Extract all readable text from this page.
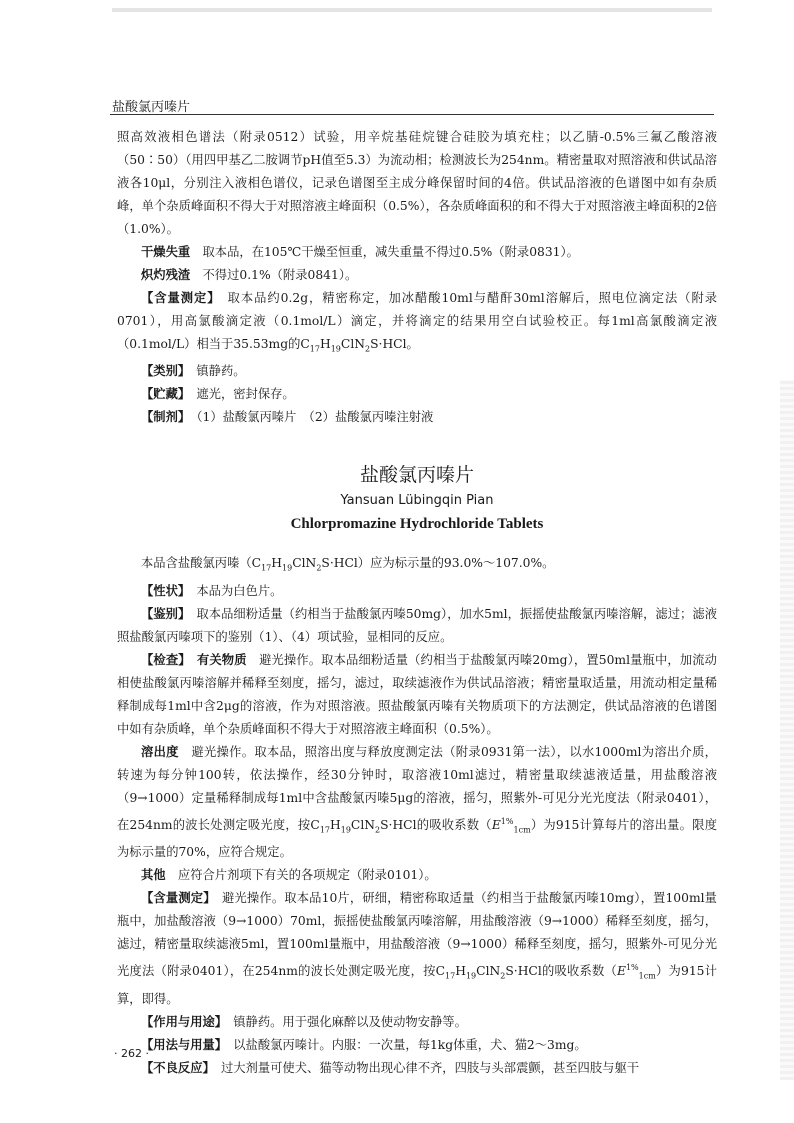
盐酸氯丙嗪片

照高效液相色谱法（附录0512）试验，用辛烷基硅烷键合硅胶为填充柱；以乙腈-0.5%三氟乙酸溶液（50∶50）（用四甲基乙二胺调节pH值至5.3）为流动相；检测波长为254nm。精密量取对照溶液和供试品溶液各10μl，分别注入液相色谱仪，记录色谱图至主成分峰保留时间的4倍。供试品溶液的色谱图中如有杂质峰，单个杂质峰面积不得大于对照溶液主峰面积（0.5%），各杂质峰面积的和不得大于对照溶液主峰面积的2倍（1.0%）。

干燥失重　取本品，在105℃干燥至恒重，减失重量不得过0.5%（附录0831）。

炽灼残渣　不得过0.1%（附录0841）。

【含量测定】　取本品约0.2g，精密称定，加冰醋酸10ml与醋酐30ml溶解后，照电位滴定法（附录0701），用高氯酸滴定液（0.1mol/L）滴定，并将滴定的结果用空白试验校正。每1ml高氯酸滴定液（0.1mol/L）相当于35.53mg的$C_{17}H_{19}ClN_2S\cdot HCl$。

【类别】　镇静药。

【贮藏】　遮光，密封保存。

【制剂】　（1）盐酸氯丙嗪片　（2）盐酸氯丙嗪注射液

盐酸氯丙嗪片

Yansuan Lübingqin Pian

Chlorpromazine Hydrochloride Tablets

本品含盐酸氯丙嗪$(C_{17}H_{19}ClN_2S\cdot HCl)$应为标示量的93.0%～107.0%。

【性状】　本品为白色片。

【鉴别】　取本品细粉适量（约相当于盐酸氯丙嗪50mg），加水5ml，振摇使盐酸氯丙嗪溶解，滤过；滤液照盐酸氯丙嗪项下的鉴别（1）、（4）项试验，显相同的反应。

【检查】　 有关物质　避光操作。取本品细粉适量（约相当于盐酸氯丙嗪20mg），置50ml量瓶中，加流动相使盐酸氯丙嗪溶解并稀释至刻度，摇匀，滤过，取续滤液作为供试品溶液；精密量取适量，用流动相定量稀释制成每1ml中含2μg的溶液，作为对照溶液。照盐酸氯丙嗪有关物质项下的方法测定，供试品溶液的色谱图中如有杂质峰，单个杂质峰面积不得大于对照溶液主峰面积（0.5%）。

溶出度　避光操作。取本品，照溶出度与释放度测定法（附录0931第一法），以水1000ml为溶出介质，转速为每分钟100转，依法操作，经30分钟时，取溶液10ml滤过，精密量取续滤液适量，用盐酸溶液（9→1000）定量稀释制成每1ml中含盐酸氯丙嗪5μg的溶液，摇匀，照紫外-可见分光光度法（附录0401），在254nm的波长处测定吸光度，按$C_{17}H_{19}ClN_2S\cdot HCl$的吸收系数$(E^{1\%}_{1cm})$为915计算每片的溶出量。限度为标示量的70%，应符合规定。

其他　应符合片剂项下有关的各项规定（附录0101）。

【含量测定】　避光操作。取本品10片，研细，精密称取适量（约相当于盐酸氯丙嗪10mg），置100ml量瓶中，加盐酸溶液（9→1000）70ml，振摇使盐酸氯丙嗪溶解，用盐酸溶液（9→1000）稀释至刻度，摇匀，滤过，精密量取续滤液5ml，置100ml量瓶中，用盐酸溶液（9→1000）稀释至刻度，摇匀，照紫外-可见分光光度法（附录0401），在254nm的波长处测定吸光度，按$C_{17}H_{19}ClN_2S\cdot HCl$的吸收系数$(E^{1\%}_{1cm})$为915计算，即得。

【作用与用途】　镇静药。用于强化麻醉以及使动物安静等。

【用法与用量】　以盐酸氯丙嗪计。内服：一次量，每1kg体重，犬、猫2～3mg。

【不良反应】　过大剂量可使犬、猫等动物出现心律不齐，四肢与头部震颤，甚至四肢与躯干

· 262 ·
